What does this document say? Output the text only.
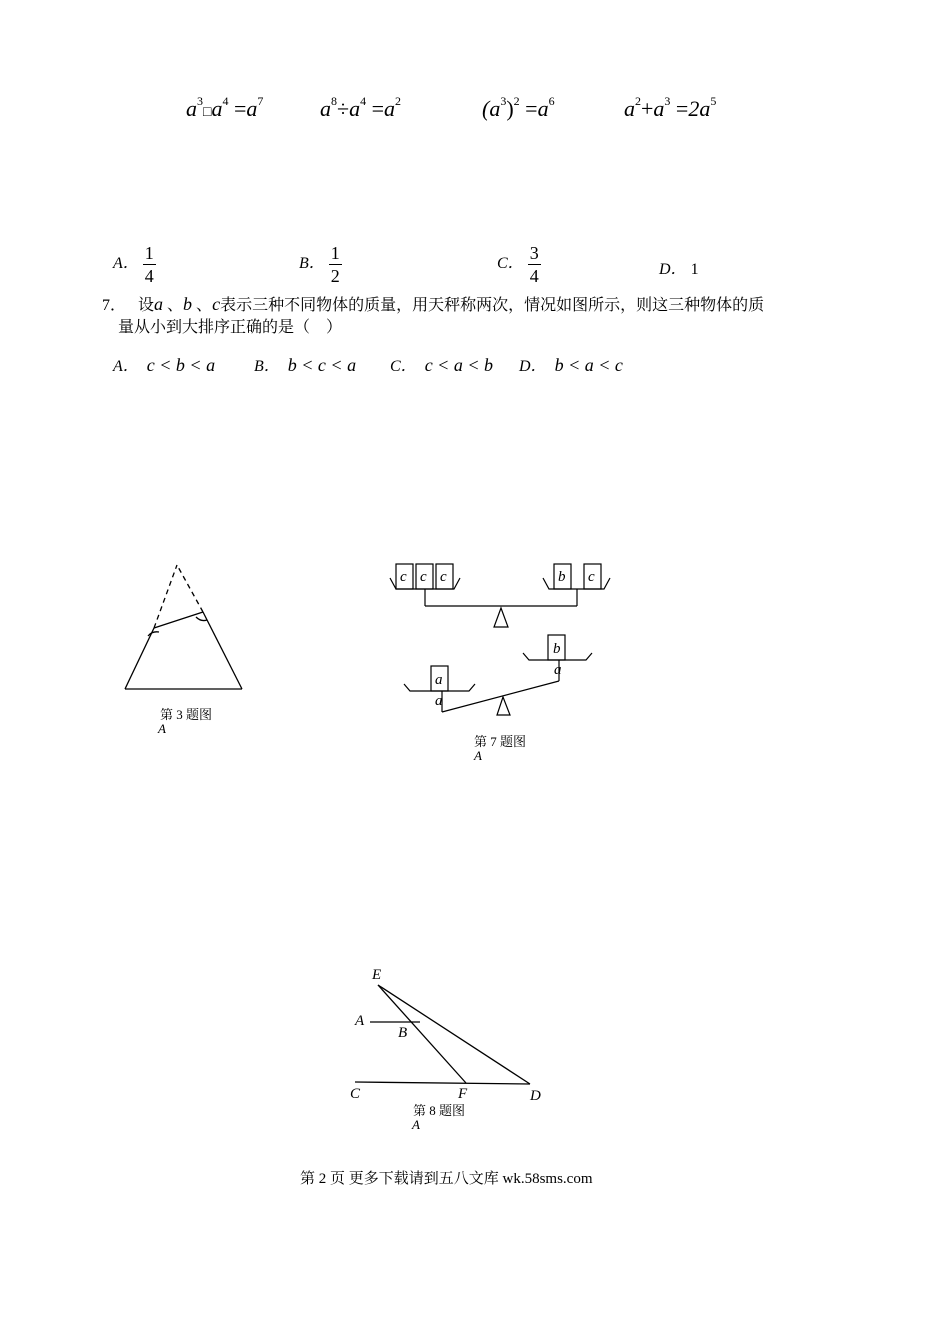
$a^3□a^4 =a^7$	$a^8\div a^4 =a^2$	$(a^3)^2 =a^6$	$a^2+a^3 =2a^5$
A． $\frac{1}{4}$	B． $\frac{1}{2}$	C． $\frac{3}{4}$	D． 1
7． 设a 、b 、c表示三种不同物体的质量，用天秤称两次，情况如图所示，则这三种物体的质
量从小到大排序正确的是（　）
A． c < b < a B． b < c < a C． c < a < b D． b < a < c
c c c	b c
a
a
b
a
E
A
B
C	F	D
第 3 题图
A
第 7 题图
A
第 8 题图
A
第 2 页 更多下载请到五八文库 wk.58sms.com
